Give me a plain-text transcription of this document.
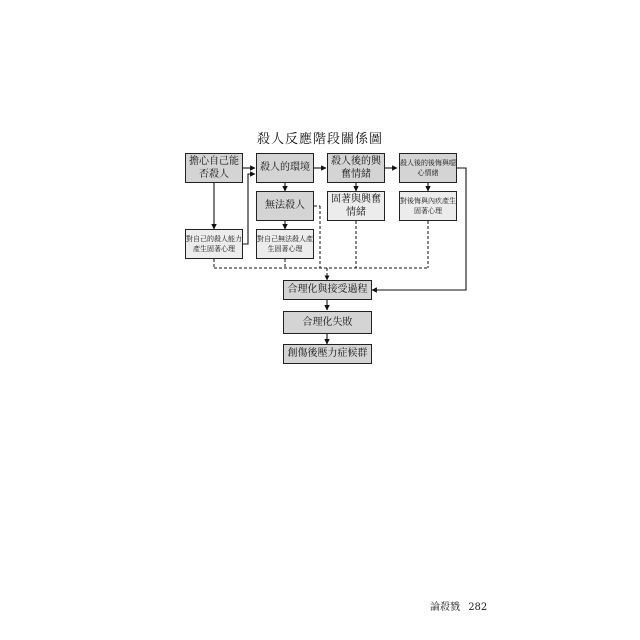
殺人反應階段關係圖
擔心自己能否殺人
對自己的殺人能力產生固著心理
殺人的環境
無法殺人
對自己無法殺人產生固著心理
殺人後的興奮情緒
固著與興奮情緒
殺人後的後悔與噁心情緒
對後悔與內疚產生固著心理
合理化與接受過程
合理化失敗
創傷後壓力症候群
論殺戮 282
